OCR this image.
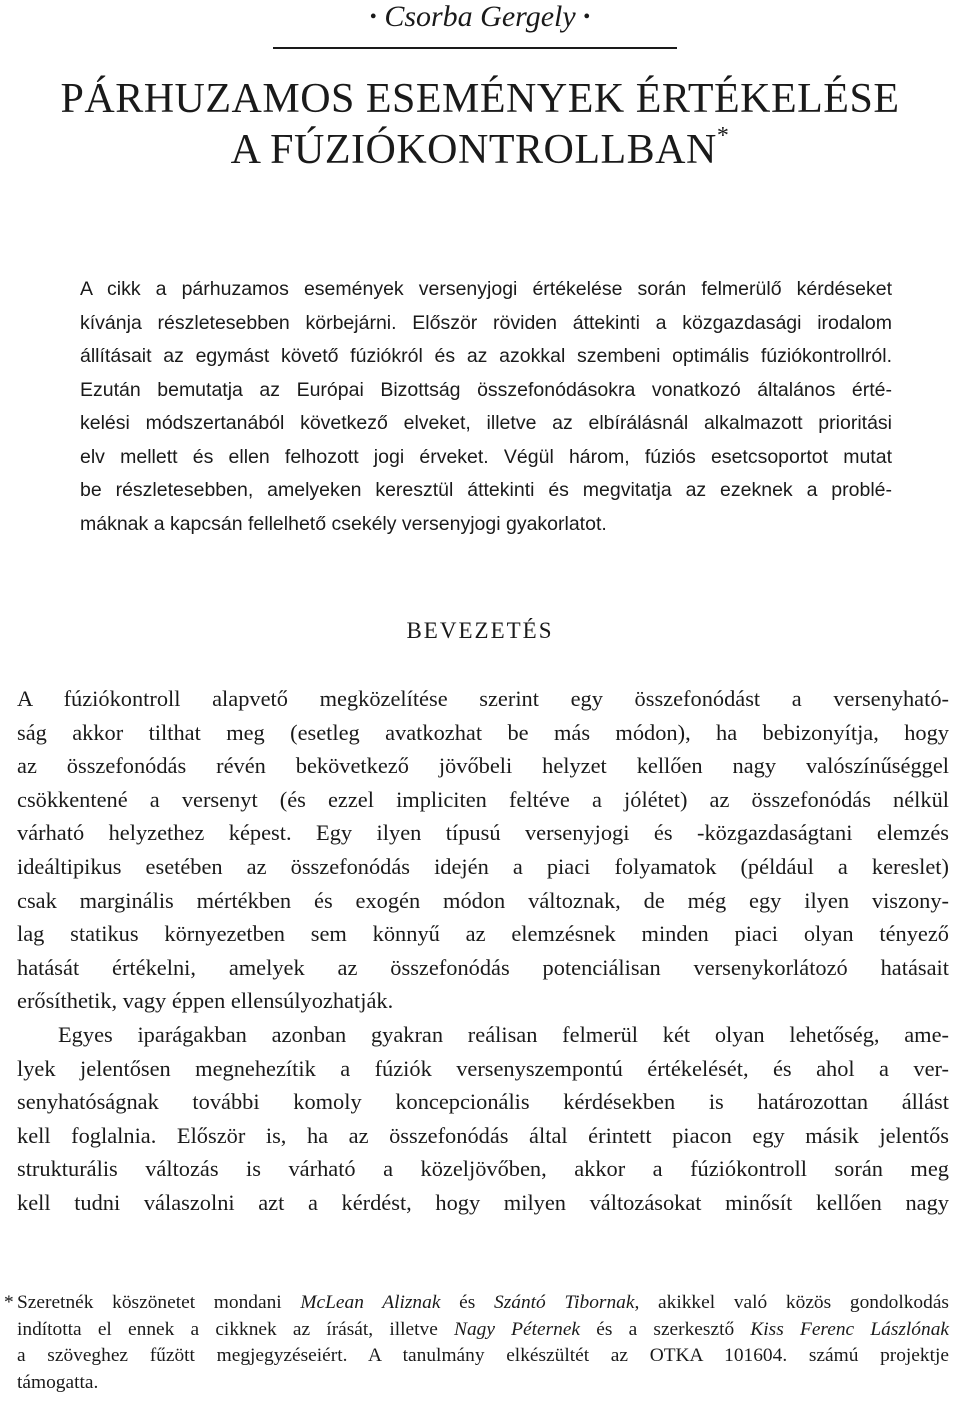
• Csorba Gergely •
PÁRHUZAMOS ESEMÉNYEK ÉRTÉKELÉSE
A FÚZIÓKONTROLLBAN*
A cikk a párhuzamos események versenyjogi értékelése során felmerülő kérdéseket
kívánja részletesebben körbejárni. Először röviden áttekinti a közgazdasági irodalom
állításait az egymást követő fúziókról és az azokkal szembeni optimális fúziókontrollról.
Ezután bemutatja az Európai Bizottság összefonódásokra vonatkozó általános érté-
kelési módszertanából következő elveket, illetve az elbírálásnál alkalmazott prioritási
elv mellett és ellen felhozott jogi érveket. Végül három, fúziós esetcsoportot mutat
be részletesebben, amelyeken keresztül áttekinti és megvitatja az ezeknek a problé-
máknak a kapcsán fellelhető csekély versenyjogi gyakorlatot.
BEVEZETÉS
A fúziókontroll alapvető megközelítése szerint egy összefonódást a versenyható-
ság akkor tilthat meg (esetleg avatkozhat be más módon), ha bebizonyítja, hogy
az összefonódás révén bekövetkező jövőbeli helyzet kellően nagy valószínűséggel
csökkentené a versenyt (és ezzel impliciten feltéve a jólétet) az összefonódás nélkül
várható helyzethez képest. Egy ilyen típusú versenyjogi és -közgazdaságtani elemzés
ideáltipikus esetében az összefonódás idején a piaci folyamatok (például a kereslet)
csak marginális mértékben és exogén módon változnak, de még egy ilyen viszony-
lag statikus környezetben sem könnyű az elemzésnek minden piaci olyan tényező
hatását értékelni, amelyek az összefonódás potenciálisan versenykorlátozó hatásait
erősíthetik, vagy éppen ellensúlyozhatják.
Egyes iparágakban azonban gyakran reálisan felmerül két olyan lehetőség, ame-
lyek jelentősen megnehezítik a fúziók versenyszempontú értékelését, és ahol a ver-
senyhatóságnak további komoly koncepcionális kérdésekben is határozottan állást
kell foglalnia. Először is, ha az összefonódás által érintett piacon egy másik jelentős
strukturális változás is várható a közeljövőben, akkor a fúziókontroll során meg
kell tudni válaszolni azt a kérdést, hogy milyen változásokat minősít kellően nagy
* Szeretnék köszönetet mondani McLean Aliznak és Szántó Tibornak, akikkel való közös gondolkodás
indította el ennek a cikknek az írását, illetve Nagy Péternek és a szerkesztő Kiss Ferenc Lászlónak
a szöveghez fűzött megjegyzéseiért. A tanulmány elkészültét az OTKA 101604. számú projektje
támogatta.
